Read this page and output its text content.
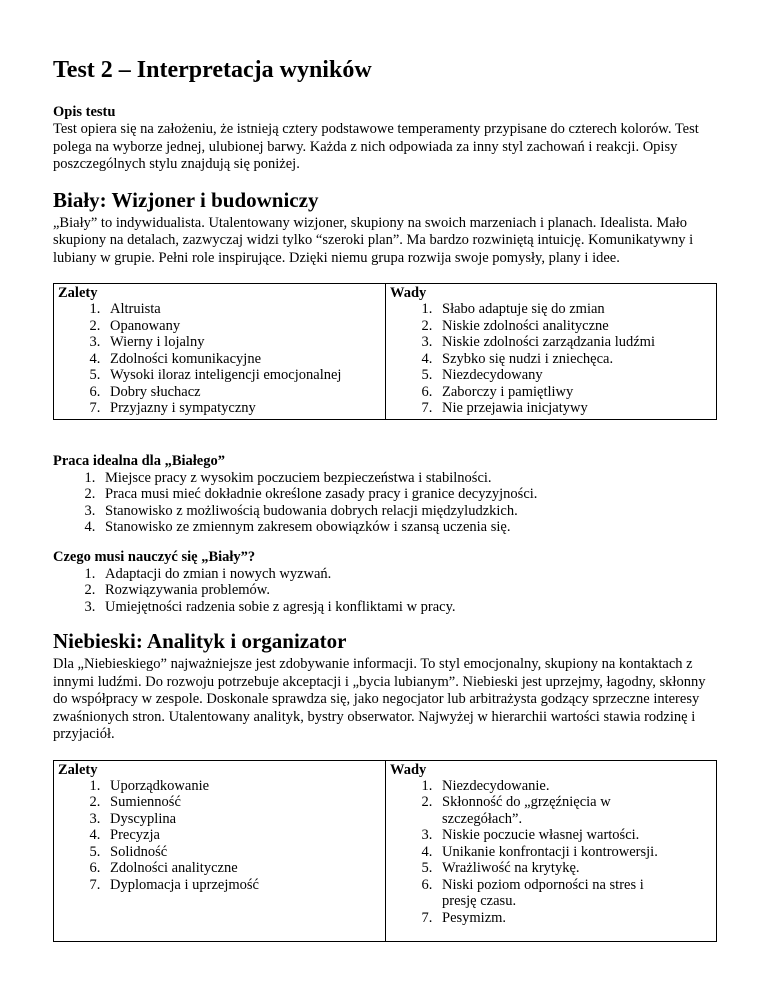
Test 2 – Interpretacja wyników
Opis testu

Test opiera się na założeniu, że istnieją cztery podstawowe temperamenty przypisane do czterech kolorów. Test polega na wyborze jednej, ulubionej barwy. Każda z nich odpowiada za inny styl zachowań i reakcji. Opisy poszczególnych stylu znajdują się poniżej.

Biały: Wizjoner i budowniczy

„Biały” to indywidualista. Utalentowany wizjoner, skupiony na swoich marzeniach i planach. Idealista. Mało skupiony na detalach, zazwyczaj widzi tylko “szeroki plan”. Ma bardzo rozwiniętą intuicję. Komunikatywny i lubiany w grupie. Pełni role inspirujące. Dzięki niemu grupa rozwija swoje pomysły, plany i idee.

Zalety
1. Altruista
2. Opanowany
3. Wierny i lojalny
4. Zdolności komunikacyjne
5. Wysoki iloraz inteligencji emocjonalnej
6. Dobry słuchacz
7. Przyjazny i sympatyczny
Wady
1. Słabo adaptuje się do zmian
2. Niskie zdolności analityczne
3. Niskie zdolności zarządzania ludźmi
4. Szybko się nudzi i zniechęca.
5. Niezdecydowany
6. Zaborczy i pamiętliwy
7. Nie przejawia inicjatywy
Praca idealna dla „Białego”
1. Miejsce pracy z wysokim poczuciem bezpieczeństwa i stabilności.
2. Praca musi mieć dokładnie określone zasady pracy i granice decyzyjności.
3. Stanowisko z możliwością budowania dobrych relacji międzyludzkich.
4. Stanowisko ze zmiennym zakresem obowiązków i szansą uczenia się.
Czego musi nauczyć się „Biały”?
1. Adaptacji do zmian i nowych wyzwań.
2. Rozwiązywania problemów.
3. Umiejętności radzenia sobie z agresją i konfliktami w pracy.
Niebieski: Analityk i organizator

Dla „Niebieskiego” najważniejsze jest zdobywanie informacji. To styl emocjonalny, skupiony na kontaktach z innymi ludźmi. Do rozwoju potrzebuje akceptacji i „bycia lubianym”. Niebieski jest uprzejmy, łagodny, skłonny do współpracy w zespole. Doskonale sprawdza się, jako negocjator lub arbitrażysta godzący sprzeczne interesy zwaśnionych stron. Utalentowany analityk, bystry obserwator. Najwyżej w hierarchii wartości stawia rodzinę i przyjaciół.

Zalety
1. Uporządkowanie
2. Sumienność
3. Dyscyplina
4. Precyzja
5. Solidność
6. Zdolności analityczne
7. Dyplomacja i uprzejmość
Wady
1. Niezdecydowanie.
2. Skłonność do „grzęźnięcia w szczegółach”.
3. Niskie poczucie własnej wartości.
4. Unikanie konfrontacji i kontrowersji.
5. Wrażliwość na krytykę.
6. Niski poziom odporności na stres i presję czasu.
7. Pesymizm.
